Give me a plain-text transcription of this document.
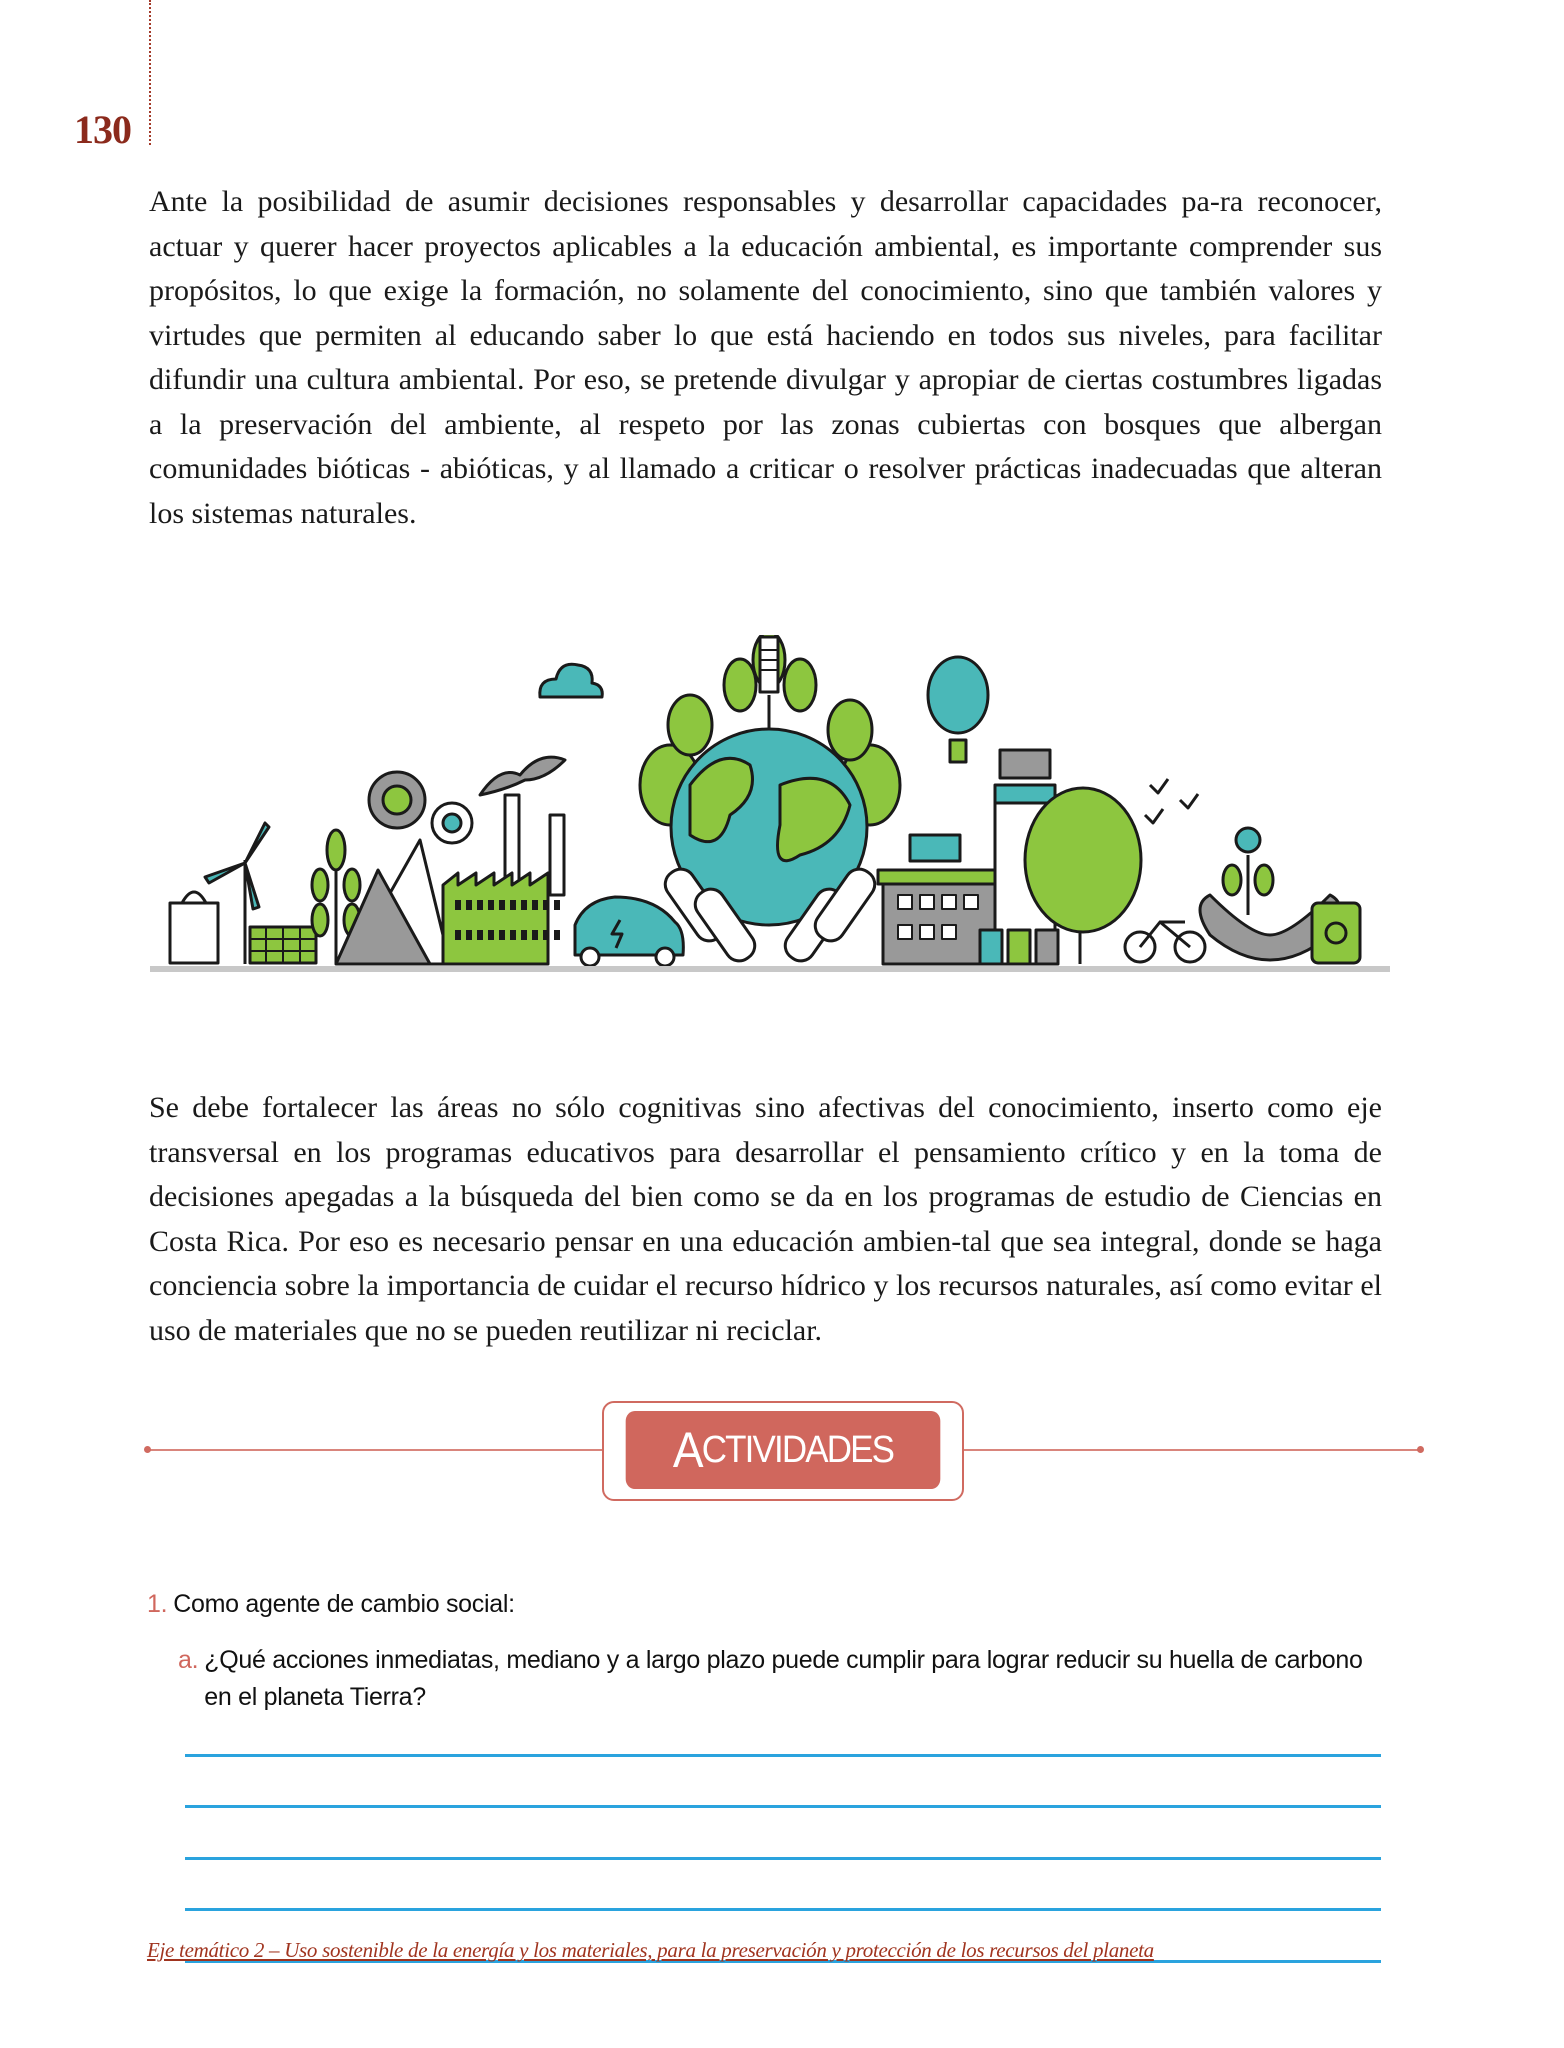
130
Ante la posibilidad de asumir decisiones responsables y desarrollar capacidades pa-ra reconocer, actuar y querer hacer proyectos aplicables a la educación ambiental, es importante comprender sus propósitos, lo que exige la formación, no solamente del conocimiento, sino que también valores y virtudes que permiten al educando saber lo que está haciendo en todos sus niveles, para facilitar difundir una cultura ambiental. Por eso, se pretende divulgar y apropiar de ciertas costumbres ligadas a la preservación del ambiente, al respeto por las zonas cubiertas con bosques que albergan comunidades bióticas - abióticas, y al llamado a criticar o resolver prácticas inadecuadas que alteran los sistemas naturales.
Se debe fortalecer las áreas no sólo cognitivas sino afectivas del conocimiento, inserto como eje transversal en los programas educativos para desarrollar el pensamiento crítico y en la toma de decisiones apegadas a la búsqueda del bien como se da en los programas de estudio de Ciencias en Costa Rica. Por eso es necesario pensar en una educación ambien-tal que sea integral, donde se haga conciencia sobre la importancia de cuidar el recurso hídrico y los recursos naturales, así como evitar el uso de materiales que no se pueden reutilizar ni reciclar.
A CTIVIDADES
1. Como agente de cambio social:
a. ¿Qué acciones inmediatas, mediano y a largo plazo puede cumplir para lograr reducir su huella de carbono en el planeta Tierra?
Eje temático 2 – Uso sostenible de la energía y los materiales, para la preservación y protección de los recursos del planeta
